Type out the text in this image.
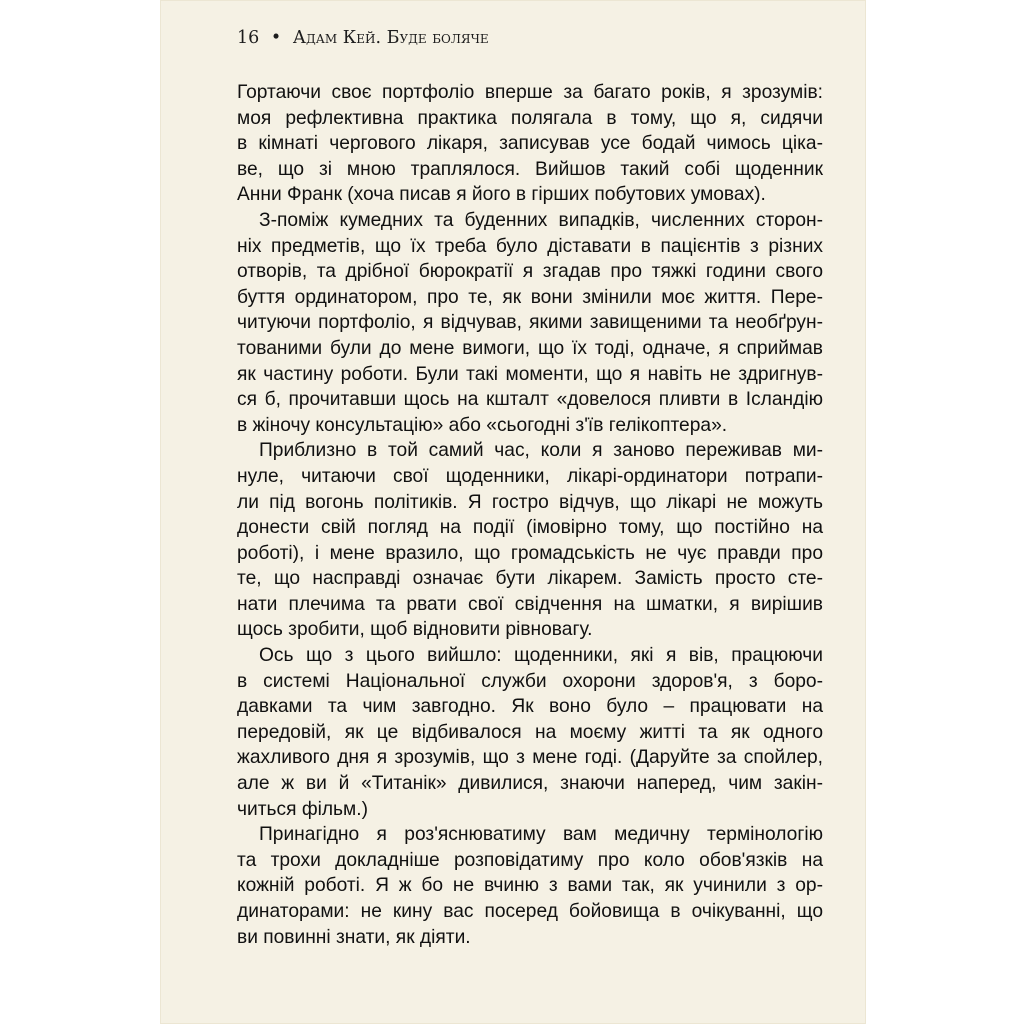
16 • Адам Кей. Буде боляче
Гортаючи своє портфоліо вперше за багато років, я зрозумів:
моя рефлективна практика полягала в тому, що я, сидячи
в кімнаті чергового лікаря, записував усе бодай чимось ціка-
ве, що зі мною траплялося. Вийшов такий собі щоденник
Анни Франк (хоча писав я його в гірших побутових умовах).
З-поміж кумедних та буденних випадків, численних сторон-
ніх предметів, що їх треба було діставати в пацієнтів з різних
отворів, та дрібної бюрократії я згадав про тяжкі години свого
буття ординатором, про те, як вони змінили моє життя. Пере-
читуючи портфоліо, я відчував, якими завищеними та необґрун-
тованими були до мене вимоги, що їх тоді, одначе, я сприймав
як частину роботи. Були такі моменти, що я навіть не здригнув-
ся б, прочитавши щось на кшталт «довелося пливти в Ісландію
в жіночу консультацію» або «сьогодні з'їв гелікоптера».
Приблизно в той самий час, коли я заново переживав ми-
нуле, читаючи свої щоденники, лікарі-ординатори потрапи-
ли під вогонь політиків. Я гостро відчув, що лікарі не можуть
донести свій погляд на події (імовірно тому, що постійно на
роботі), і мене вразило, що громадськість не чує правди про
те, що насправді означає бути лікарем. Замість просто сте-
нати плечима та рвати свої свідчення на шматки, я вирішив
щось зробити, щоб відновити рівновагу.
Ось що з цього вийшло: щоденники, які я вів, працюючи
в системі Національної служби охорони здоров'я, з боро-
давками та чим завгодно. Як воно було – працювати на
передовій, як це відбивалося на моєму житті та як одного
жахливого дня я зрозумів, що з мене годі. (Даруйте за спойлер,
але ж ви й «Титанік» дивилися, знаючи наперед, чим закін-
читься фільм.)
Принагідно я роз'яснюватиму вам медичну термінологію
та трохи докладніше розповідатиму про коло обов'язків на
кожній роботі. Я ж бо не вчиню з вами так, як учинили з ор-
динаторами: не кину вас посеред бойовища в очікуванні, що
ви повинні знати, як діяти.
